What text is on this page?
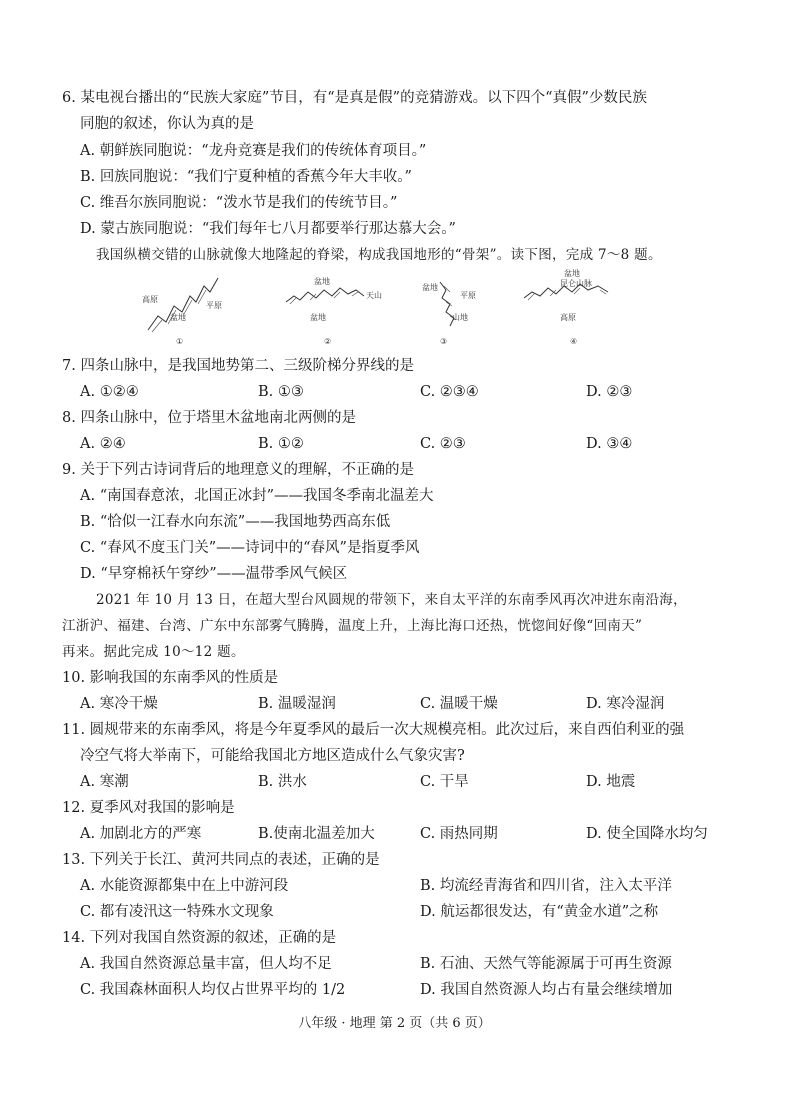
6. 某电视台播出的“民族大家庭”节目，有“是真是假”的竞猜游戏。以下四个“真假”少数民族
同胞的叙述，你认为真的是
A. 朝鲜族同胞说：“龙舟竞赛是我们的传统体育项目。”
B. 回族同胞说：“我们宁夏种植的香蕉今年大丰收。”
C. 维吾尔族同胞说：“泼水节是我们的传统节目。”
D. 蒙古族同胞说：“我们每年七八月都要举行那达慕大会。”
我国纵横交错的山脉就像大地隆起的脊梁，构成我国地形的“骨架”。读下图，完成 7～8 题。
高原
盆地
平原
①
盆地
天山
盆地
②
盆地
平原
山地
③
盆地
昆仑山脉
高原
④
7. 四条山脉中，是我国地势第二、三级阶梯分界线的是
A. ①②④	B. ①③	C. ②③④	D. ②③
8. 四条山脉中，位于塔里木盆地南北两侧的是
A. ②④	B. ①②	C. ②③	D. ③④
9. 关于下列古诗词背后的地理意义的理解，不正确的是
A. “南国春意浓，北国正冰封”——我国冬季南北温差大
B. “恰似一江春水向东流”——我国地势西高东低
C. “春风不度玉门关”——诗词中的“春风”是指夏季风
D. “早穿棉袄午穿纱”——温带季风气候区
2021 年 10 月 13 日，在超大型台风圆规的带领下，来自太平洋的东南季风再次冲进东南沿海，
江浙沪、福建、台湾、广东中东部雾气腾腾，温度上升，上海比海口还热，恍惚间好像“回南天”
再来。据此完成 10～12 题。
10. 影响我国的东南季风的性质是
A. 寒冷干燥	B. 温暖湿润	C. 温暖干燥	D. 寒冷湿润
11. 圆规带来的东南季风，将是今年夏季风的最后一次大规模亮相。此次过后，来自西伯利亚的强
冷空气将大举南下，可能给我国北方地区造成什么气象灾害?
A. 寒潮	B. 洪水	C. 干旱	D. 地震
12. 夏季风对我国的影响是
A. 加剧北方的严寒	B.使南北温差加大	C. 雨热同期	D. 使全国降水均匀
13. 下列关于长江、黄河共同点的表述，正确的是
A. 水能资源都集中在上中游河段	B. 均流经青海省和四川省，注入太平洋
C. 都有凌汛这一特殊水文现象	D. 航运都很发达，有“黄金水道”之称
14. 下列对我国自然资源的叙述，正确的是
A. 我国自然资源总量丰富，但人均不足	B. 石油、天然气等能源属于可再生资源
C. 我国森林面积人均仅占世界平均的 1/2	D. 我国自然资源人均占有量会继续增加
八年级 · 地理 第 2 页（共 6 页）
